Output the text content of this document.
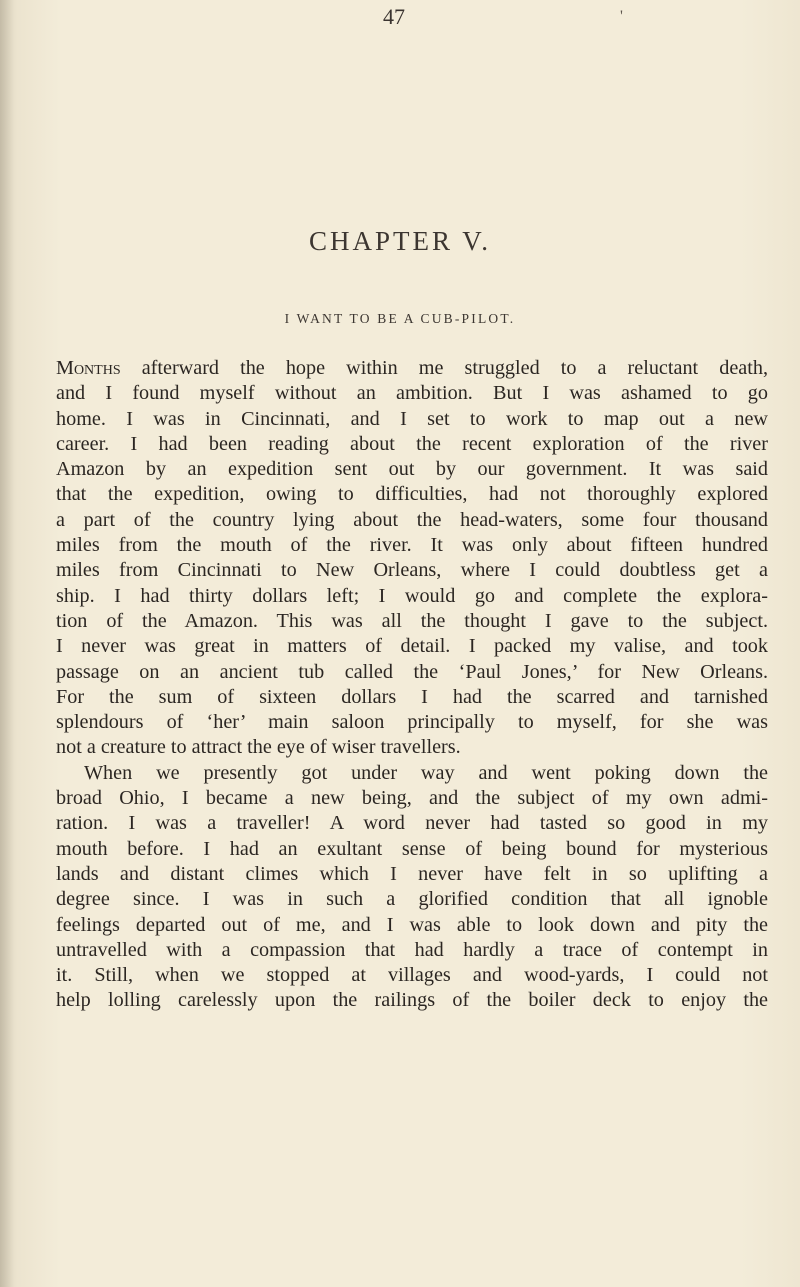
47	'
CHAPTER V.
I WANT TO BE A CUB-PILOT.
Months afterward the hope within me struggled to a reluctant death,
and I found myself without an ambition. But I was ashamed to go
home. I was in Cincinnati, and I set to work to map out a new
career. I had been reading about the recent exploration of the river
Amazon by an expedition sent out by our government. It was said
that the expedition, owing to difficulties, had not thoroughly explored
a part of the country lying about the head-waters, some four thousand
miles from the mouth of the river. It was only about fifteen hundred
miles from Cincinnati to New Orleans, where I could doubtless get a
ship. I had thirty dollars left; I would go and complete the explora-
tion of the Amazon. This was all the thought I gave to the subject.
I never was great in matters of detail. I packed my valise, and took
passage on an ancient tub called the ‘Paul Jones,’ for New Orleans.
For the sum of sixteen dollars I had the scarred and tarnished
splendours of ‘her’ main saloon principally to myself, for she was
not a creature to attract the eye of wiser travellers.
When we presently got under way and went poking down the
broad Ohio, I became a new being, and the subject of my own admi-
ration. I was a traveller! A word never had tasted so good in my
mouth before. I had an exultant sense of being bound for mysterious
lands and distant climes which I never have felt in so uplifting a
degree since. I was in such a glorified condition that all ignoble
feelings departed out of me, and I was able to look down and pity the
untravelled with a compassion that had hardly a trace of contempt in
it. Still, when we stopped at villages and wood-yards, I could not
help lolling carelessly upon the railings of the boiler deck to enjoy the
